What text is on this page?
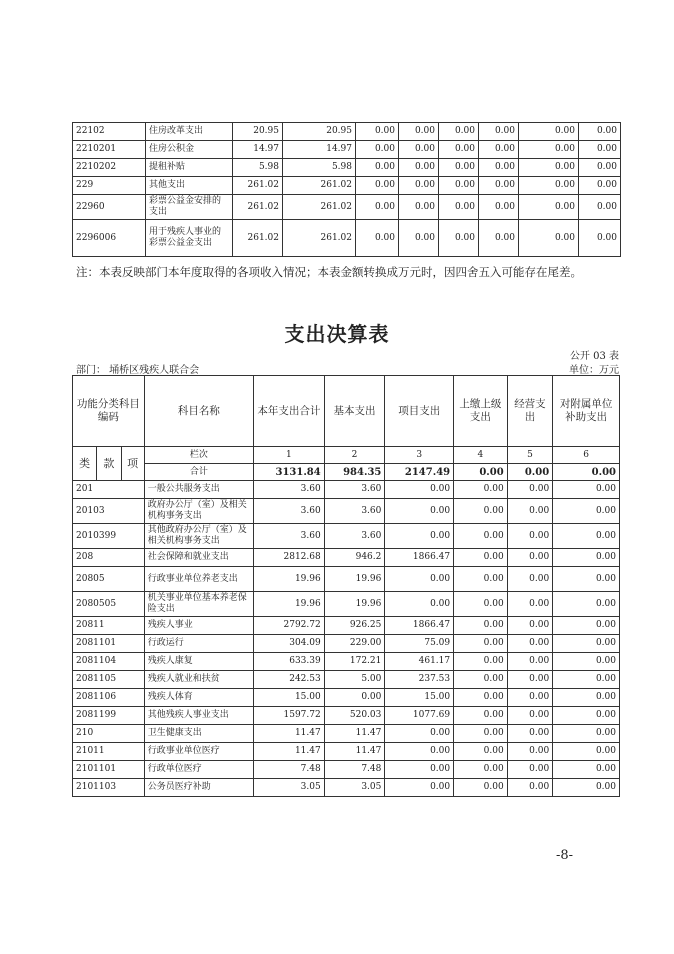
22102	住房改革支出	20.95	20.95	0.00	0.00	0.00	0.00	0.00	0.00
2210201	住房公积金	14.97	14.97	0.00	0.00	0.00	0.00	0.00	0.00
2210202	提租补贴	5.98	5.98	0.00	0.00	0.00	0.00	0.00	0.00
229	其他支出	261.02	261.02	0.00	0.00	0.00	0.00	0.00	0.00
22960	彩票公益金安排的支出	261.02	261.02	0.00	0.00	0.00	0.00	0.00	0.00
2296006	用于残疾人事业的彩票公益金支出	261.02	261.02	0.00	0.00	0.00	0.00	0.00	0.00
注：本表反映部门本年度取得的各项收入情况；本表金额转换成万元时，因四舍五入可能存在尾差。
支出决算表
公开 03 表
部门： 埇桥区残疾人联合会	单位：万元
功能分类科目编码			科目名称	本年支出合计	基本支出	项目支出	上缴上级支出	经营支出	对附属单位补助支出
类	款	项	栏次	1	2	3	4	5	6
			合计	3131.84	984.35	2147.49	0.00	0.00	0.00
201			一般公共服务支出	3.60	3.60	0.00	0.00	0.00	0.00
20103			政府办公厅（室）及相关机构事务支出	3.60	3.60	0.00	0.00	0.00	0.00
2010399			其他政府办公厅（室）及相关机构事务支出	3.60	3.60	0.00	0.00	0.00	0.00
208			社会保障和就业支出	2812.68	946.2	1866.47	0.00	0.00	0.00
20805			行政事业单位养老支出	19.96	19.96	0.00	0.00	0.00	0.00
2080505			机关事业单位基本养老保险支出	19.96	19.96	0.00	0.00	0.00	0.00
20811			残疾人事业	2792.72	926.25	1866.47	0.00	0.00	0.00
2081101			行政运行	304.09	229.00	75.09	0.00	0.00	0.00
2081104			残疾人康复	633.39	172.21	461.17	0.00	0.00	0.00
2081105			残疾人就业和扶贫	242.53	5.00	237.53	0.00	0.00	0.00
2081106			残疾人体育	15.00	0.00	15.00	0.00	0.00	0.00
2081199			其他残疾人事业支出	1597.72	520.03	1077.69	0.00	0.00	0.00
210			卫生健康支出	11.47	11.47	0.00	0.00	0.00	0.00
21011			行政事业单位医疗	11.47	11.47	0.00	0.00	0.00	0.00
2101101			行政单位医疗	7.48	7.48	0.00	0.00	0.00	0.00
2101103			公务员医疗补助	3.05	3.05	0.00	0.00	0.00	0.00
-8-
